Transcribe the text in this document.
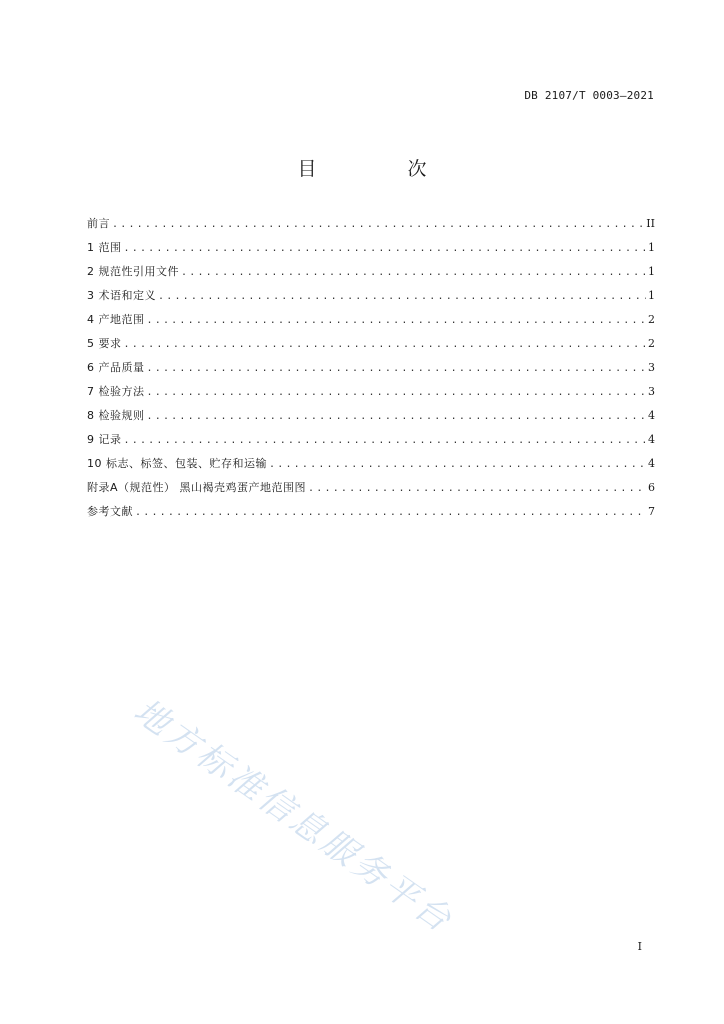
DB 2107/T 0003—2021
目　次
前言 .....	II
1 范围 .....	1
2 规范性引用文件 .....	1
3 术语和定义 .....	1
4 产地范围 .....	2
5 要求 .....	2
6 产品质量 .....	3
7 检验方法 .....	3
8 检验规则 .....	4
9 记录 .....	4
10 标志、标签、包装、贮存和运输 .....	4
附录A（规范性） 黑山褐壳鸡蛋产地范围图 .....	6
参考文献 .....	7
地方标准信息服务平台
I
